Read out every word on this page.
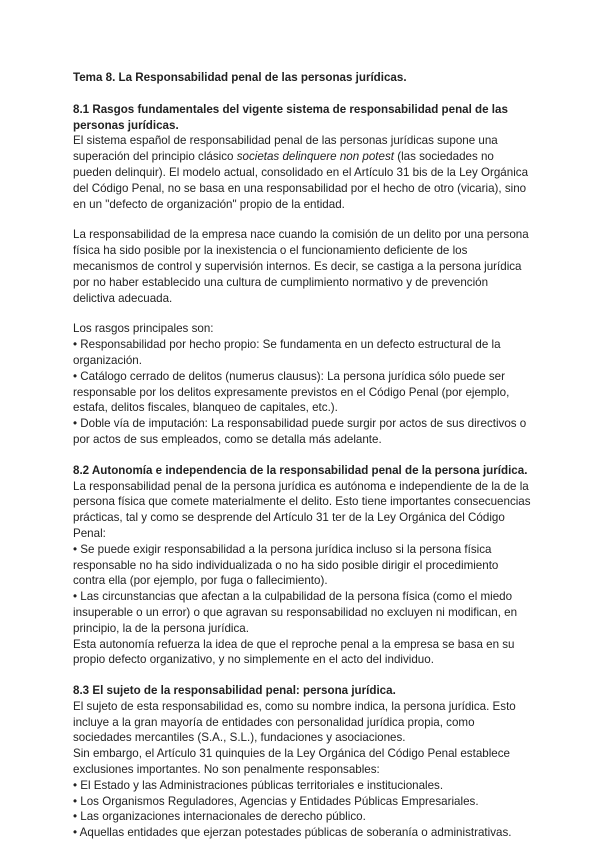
Tema 8. La Responsabilidad penal de las personas jurídicas.

8.1 Rasgos fundamentales del vigente sistema de responsabilidad penal de las personas jurídicas.

El sistema español de responsabilidad penal de las personas jurídicas supone una superación del principio clásico societas delinquere non potest (las sociedades no pueden delinquir). El modelo actual, consolidado en el Artículo 31 bis de la Ley Orgánica del Código Penal, no se basa en una responsabilidad por el hecho de otro (vicaria), sino en un "defecto de organización" propio de la entidad.

La responsabilidad de la empresa nace cuando la comisión de un delito por una persona física ha sido posible por la inexistencia o el funcionamiento deficiente de los mecanismos de control y supervisión internos. Es decir, se castiga a la persona jurídica por no haber establecido una cultura de cumplimiento normativo y de prevención delictiva adecuada.

Los rasgos principales son:

• Responsabilidad por hecho propio: Se fundamenta en un defecto estructural de la organización.

• Catálogo cerrado de delitos (numerus clausus): La persona jurídica sólo puede ser responsable por los delitos expresamente previstos en el Código Penal (por ejemplo, estafa, delitos fiscales, blanqueo de capitales, etc.).

• Doble vía de imputación: La responsabilidad puede surgir por actos de sus directivos o por actos de sus empleados, como se detalla más adelante.

8.2 Autonomía e independencia de la responsabilidad penal de la persona jurídica.

La responsabilidad penal de la persona jurídica es autónoma e independiente de la de la persona física que comete materialmente el delito. Esto tiene importantes consecuencias prácticas, tal y como se desprende del Artículo 31 ter de la Ley Orgánica del Código Penal:

• Se puede exigir responsabilidad a la persona jurídica incluso si la persona física responsable no ha sido individualizada o no ha sido posible dirigir el procedimiento contra ella (por ejemplo, por fuga o fallecimiento).

• Las circunstancias que afectan a la culpabilidad de la persona física (como el miedo insuperable o un error) o que agravan su responsabilidad no excluyen ni modifican, en principio, la de la persona jurídica.

Esta autonomía refuerza la idea de que el reproche penal a la empresa se basa en su propio defecto organizativo, y no simplemente en el acto del individuo.

8.3 El sujeto de la responsabilidad penal: persona jurídica.

El sujeto de esta responsabilidad es, como su nombre indica, la persona jurídica. Esto incluye a la gran mayoría de entidades con personalidad jurídica propia, como sociedades mercantiles (S.A., S.L.), fundaciones y asociaciones.

Sin embargo, el Artículo 31 quinquies de la Ley Orgánica del Código Penal establece exclusiones importantes. No son penalmente responsables:

• El Estado y las Administraciones públicas territoriales e institucionales.

• Los Organismos Reguladores, Agencias y Entidades Públicas Empresariales.

• Las organizaciones internacionales de derecho público.

• Aquellas entidades que ejerzan potestades públicas de soberanía o administrativas.
